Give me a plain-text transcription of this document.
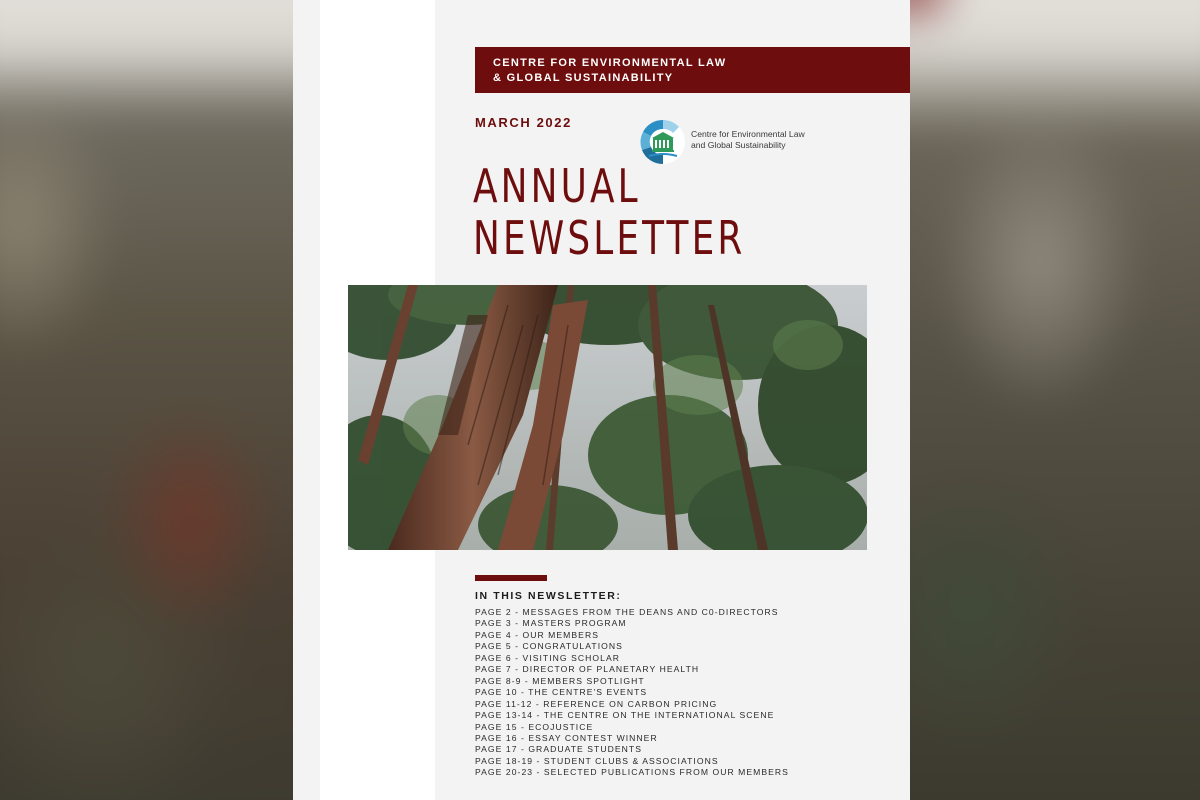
CENTRE FOR ENVIRONMENTAL LAW
& GLOBAL SUSTAINABILITY
MARCH 2022
Centre for Environmental Law
and Global Sustainability
ANNUAL
NEWSLETTER
IN THIS NEWSLETTER:
PAGE 2 - MESSAGES FROM THE DEANS AND C0-DIRECTORS
PAGE 3 - MASTERS PROGRAM
PAGE 4 - OUR MEMBERS
PAGE 5 - CONGRATULATIONS
PAGE 6 - VISITING SCHOLAR
PAGE 7 - DIRECTOR OF PLANETARY HEALTH
PAGE 8-9 - MEMBERS SPOTLIGHT
PAGE 10 - THE CENTRE'S EVENTS
PAGE 11-12 - REFERENCE ON CARBON PRICING
PAGE 13-14 - THE CENTRE ON THE INTERNATIONAL SCENE
PAGE 15 - ECOJUSTICE
PAGE 16 - ESSAY CONTEST WINNER
PAGE 17 - GRADUATE STUDENTS
PAGE 18-19 - STUDENT CLUBS & ASSOCIATIONS
PAGE 20-23 - SELECTED PUBLICATIONS FROM OUR MEMBERS
